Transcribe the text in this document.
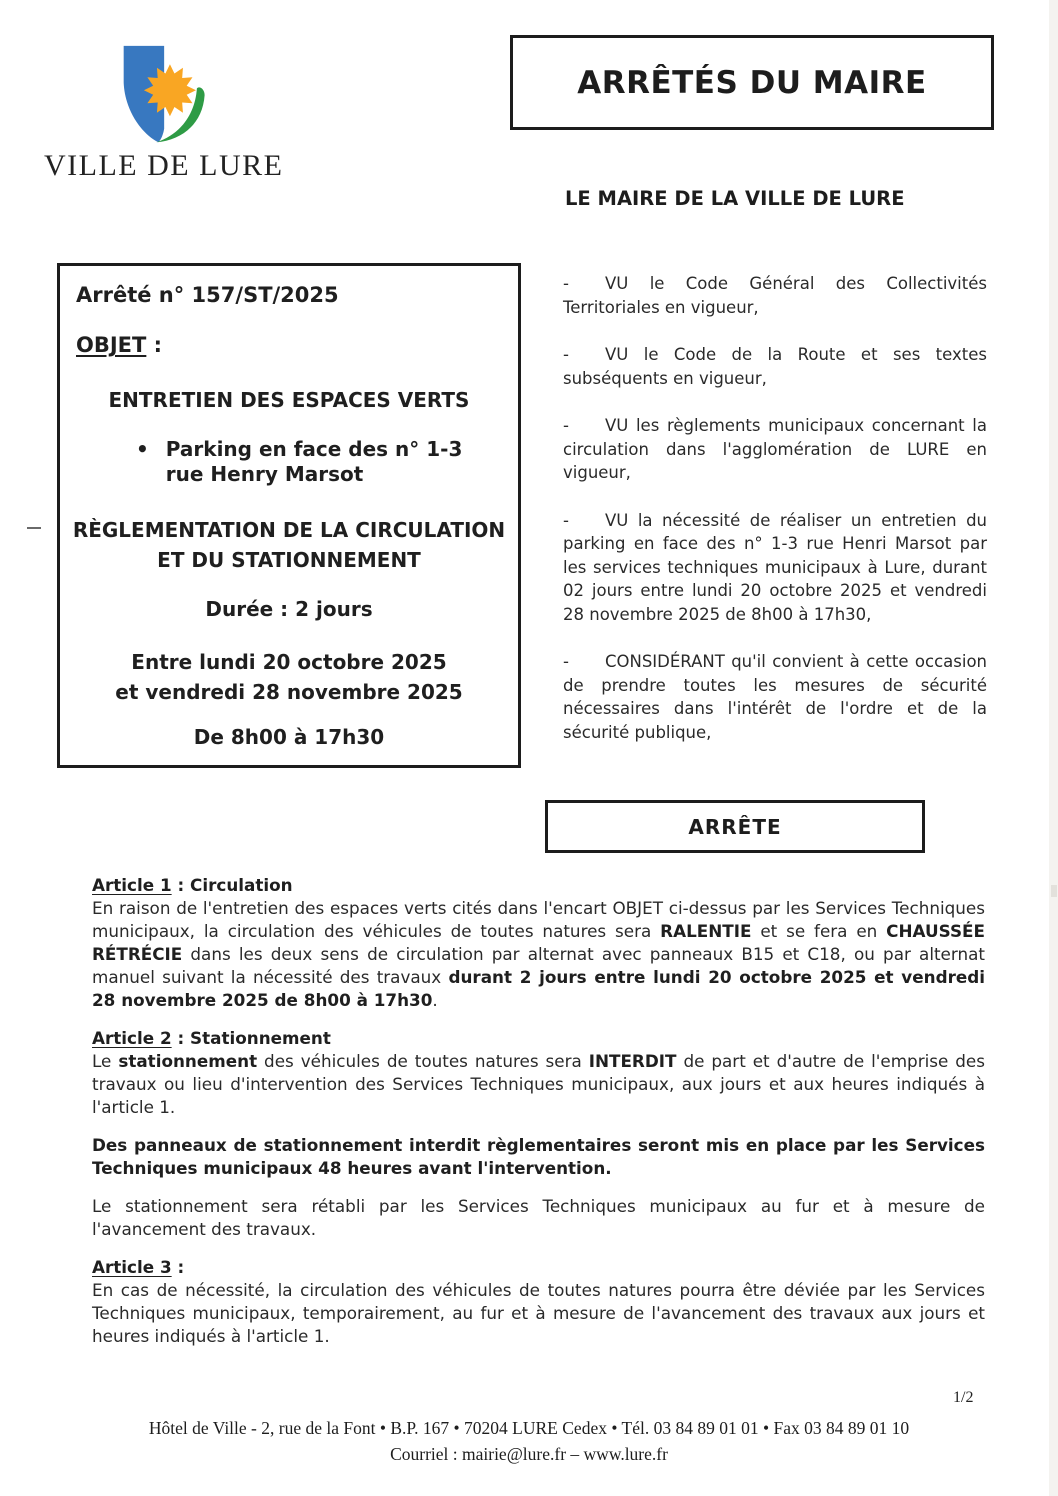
VILLE DE LURE
ARRÊTÉS DU MAIRE
LE MAIRE DE LA VILLE DE LURE
Arrêté n° 157/ST/2025
OBJET :
ENTRETIEN DES ESPACES VERTS
• Parking en face des n° 1-3 rue Henry Marsot
RÈGLEMENTATION DE LA CIRCULATION
ET DU STATIONNEMENT
Durée : 2 jours
Entre lundi 20 octobre 2025
et vendredi 28 novembre 2025
De 8h00 à 17h30

- VU le Code Général des Collectivités Territoriales en vigueur,

- VU le Code de la Route et ses textes subséquents en vigueur,

- VU les règlements municipaux concernant la circulation dans l'agglomération de LURE en vigueur,

- VU la nécessité de réaliser un entretien du parking en face des n° 1-3 rue Henri Marsot par les services techniques municipaux à Lure, durant 02 jours entre lundi 20 octobre 2025 et vendredi 28 novembre 2025 de 8h00 à 17h30,

- CONSIDÉRANT qu'il convient à cette occasion de prendre toutes les mesures de sécurité nécessaires dans l'intérêt de l'ordre et de la sécurité publique,

ARRÊTE

Article 1 : Circulation

En raison de l'entretien des espaces verts cités dans l'encart OBJET ci-dessus par les Services Techniques municipaux, la circulation des véhicules de toutes natures sera RALENTIE et se fera en CHAUSSÉE RÉTRÉCIE dans les deux sens de circulation par alternat avec panneaux B15 et C18, ou par alternat manuel suivant la nécessité des travaux durant 2 jours entre lundi 20 octobre 2025 et vendredi 28 novembre 2025 de 8h00 à 17h30.

Article 2 : Stationnement

Le stationnement des véhicules de toutes natures sera INTERDIT de part et d'autre de l'emprise des travaux ou lieu d'intervention des Services Techniques municipaux, aux jours et aux heures indiqués à l'article 1.

Des panneaux de stationnement interdit règlementaires seront mis en place par les Services Techniques municipaux 48 heures avant l'intervention.

Le stationnement sera rétabli par les Services Techniques municipaux au fur et à mesure de l'avancement des travaux.

Article 3 :

En cas de nécessité, la circulation des véhicules de toutes natures pourra être déviée par les Services Techniques municipaux, temporairement, au fur et à mesure de l'avancement des travaux aux jours et heures indiqués à l'article 1.

1/2
Hôtel de Ville - 2, rue de la Font • B.P. 167 • 70204 LURE Cedex • Tél. 03 84 89 01 01 • Fax 03 84 89 01 10
Courriel : mairie@lure.fr – www.lure.fr
